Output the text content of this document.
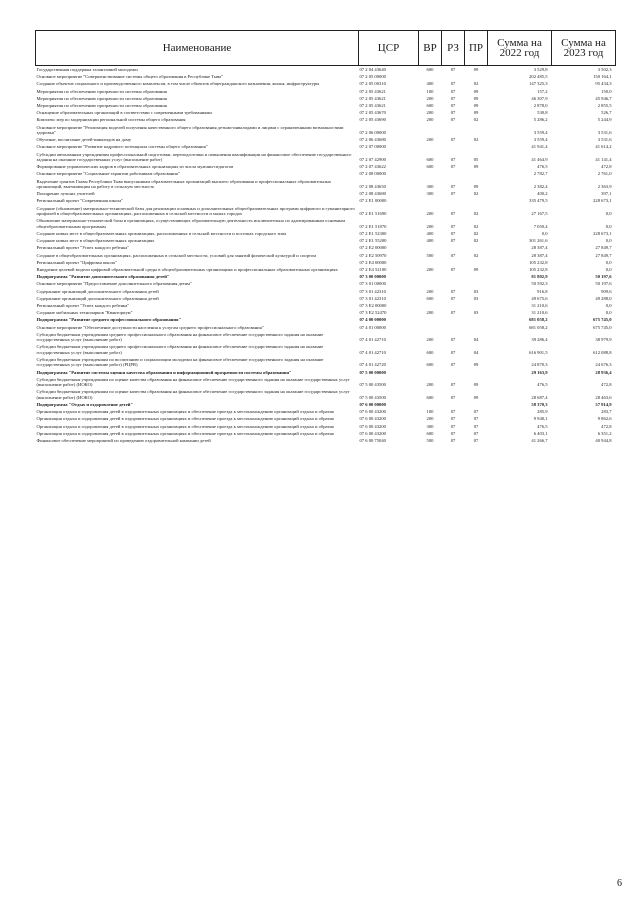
Наименование	ЦСР	ВР	РЗ	ПР	Сумма на 2022 год	Сумма на 2023 год
Государственная поддержка талантливой молодежи	07 2 04 43640	600	07	09	3 529,8	3 502,3
Основное мероприятие "Совершенствование системы общего образования в Республике Тыва"	07 2 05 00000				202 485,5	150 164,1
Создание объектов социального и производственного комплексов, в том числе объектов общегражданского назначения, жилья, инфраструктуры	07 2 05 00310	400	07	02	147 325,3	95 434,3
Мероприятия по обеспечению прозрачности системы образования	07 2 05 43621	100	07	09	157,2	150,0
Мероприятия по обеспечению прозрачности системы образования	07 2 05 43621	200	07	09	46 307,9	45 946,7
Мероприятия по обеспечению прозрачности системы образования	07 2 05 43621	600	07	09	2 878,0	2 855,5
Оснащение образовательных организаций в соответствии с современными требованиями	07 2 05 43670	200	07	09	530,8	526,7
Комплекс мер по модернизации региональной системы общего образования	07 2 05 43690	200	07	02	5 286,2	5 244,9
Основное мероприятие "Реализация моделей получения качественного общего образования детьми-инвалидами и лицами с ограниченными возможностями здоровья"	07 2 06 00000				3 559,4	3 531,6
Обучение, воспитание детей-инвалидов на дому	07 2 06 43680	200	07	02	3 559,4	3 531,6
Основное мероприятие "Развитие кадрового потенциала системы общего образования"	07 2 07 00000				41 941,4	41 614,2
Субсидии автономным учреждениям профессиональной подготовки, переподготовки и повышения квалификации на финансовое обеспечение государственного задания на оказание государственных услуг (выполнение работ)	07 2 07 42900	600	07	05	41 464,9	41 141,4
Формирование управленческих кадров в образовательных организациях из числа мужчин-педагогов	07 2 07 43622	600	07	09	476,5	472,8
Основное мероприятие "Социальные гарантии работникам образования"	07 2 08 00000				2 782,7	2 761,0
Выделение грантов Главы Республики Тыва выпускникам образовательных организаций высшего образования и профессиональных образовательных организаций, выезжающим на работу в сельскую местность	07 2 08 43650	300	07	09	2 382,4	2 363,9
Поощрение лучших учителей	07 2 08 43680	300	07	02	400,2	397,1
Региональный проект "Современная школа"	07 2 E1 00000				335 479,5	228 673,1
Создание (обновление) материально-технической базы для реализации основных и дополнительных общеобразовательных программ цифрового и гуманитарного профилей в общеобразовательных организациях, расположенных в сельской местности и малых городах	07 2 E1 51690	200	07	02	27 167,5	0,0
Обновление материально-технической базы в организациях, осуществляющих образовательную деятельность исключительно по адаптированным основным общеобразовательным программам	07 2 E1 51870	200	07	02	7 050,4	0,0
Создание новых мест в общеобразовательных организациях, расположенных в сельской местности и поселках городского типа	07 2 E1 52300	400	07	02	0,0	228 673,1
Создание новых мест в общеобразовательных организациях	07 2 E1 55200	400	07	02	301 261,6	0,0
Региональный проект "Успех каждого ребенка"	07 2 E2 00000				28 387,4	27 849,7
Создание в общеобразовательных организациях, расположенных в сельской местности, условий для занятий физической культурой и спортом	07 2 E2 50970	500	07	02	28 387,4	27 849,7
Региональный проект "Цифровая школа"	07 2 E4 00000				105 232,8	0,0
Внедрение целевой модели цифровой образовательной среды в общеобразовательных организациях и профессиональных образовательных организациях	07 2 E4 52100	200	07	09	105 232,8	0,0
Подпрограмма "Развитие дополнительного образования детей"	07 3 00 00000				81 802,9	50 197,6
Основное мероприятие "Предоставление дополнительного образования детям"	07 3 01 00000				50 592,3	50 197,6
Содержание организаций дополнительного образования детей	07 3 01 42310	200	07	03	916,8	909,6
Содержание организаций дополнительного образования детей	07 3 01 42310	600	07	03	49 675,6	49 288,0
Региональный проект "Успех каждого ребенка"	07 3 E2 00000				31 210,6	0,0
Создание мобильных технопарков "Кванториум"	07 3 E2 52470	200	07	03	31 210,6	0,0
Подпрограмма "Развитие среднего профессионального образования"	07 4 00 00000				681 058,2	675 745,0
Основное мероприятие "Обеспечение доступности населения к услугам среднего профессионального образования"	07 4 01 00000				681 058,2	675 745,0
Субсидии бюджетным учреждениям среднего профессионального образования на финансовое обеспечение государственного задания на оказание государственных услуг (выполнение работ)	07 4 01 42710	200	07	04	39 286,4	38 979,9
Субсидии бюджетным учреждениям среднего профессионального образования на финансовое обеспечение государственного задания на оказание государственных услуг (выполнение работ)	07 4 01 42710	600	07	04	616 901,5	612 088,8
Субсидии бюджетным учреждениям по воспитанию и социализации молодежи на финансовое обеспечение государственного задания на оказание государственных услуг (выполнение работ) (РЦРВ)	07 4 01 42720	600	07	09	24 870,3	24 676,3
Подпрограмма "Развитие системы оценки качества образования и информационной прозрачности системы образования"	07 5 00 00000				29 163,9	28 936,4
Субсидии бюджетным учреждениям по оценке качества образования на финансовое обеспечение государственного задания на оказание государственных услуг (выполнение работ) (ИОКО)	07 5 00 43500	200	07	09	476,5	472,8
Субсидии бюджетным учреждениям по оценке качества образования на финансовое обеспечение государственного задания на оказание государственных услуг (выполнение работ) (ИОКО)	07 5 00 43500	600	07	09	28 687,4	28 463,6
Подпрограмма "Отдых и оздоровление детей"	07 6 00 00000				58 370,3	57 914,9
Организация отдыха и оздоровления детей в оздоровительных организациях и обеспечение проезда к местонахождению организаций отдыха и обратно	07 6 00 43200	100	07	07	285,9	283,7
Организация отдыха и оздоровления детей в оздоровительных организациях и обеспечение проезда к местонахождению организаций отдыха и обратно	07 6 00 43200	200	07	07	9 940,1	9 862,6
Организация отдыха и оздоровления детей в оздоровительных организациях и обеспечение проезда к местонахождению организаций отдыха и обратно	07 6 00 43200	300	07	07	476,5	472,8
Организация отдыха и оздоровления детей в оздоровительных организациях и обеспечение проезда к местонахождению организаций отдыха и обратно	07 6 00 43200	600	07	07	6 403,1	6 351,2
Финансовое обеспечение мероприятий по проведению оздоровительной кампании детей	07 6 00 75040	500	07	07	41 266,7	40 944,8
6
